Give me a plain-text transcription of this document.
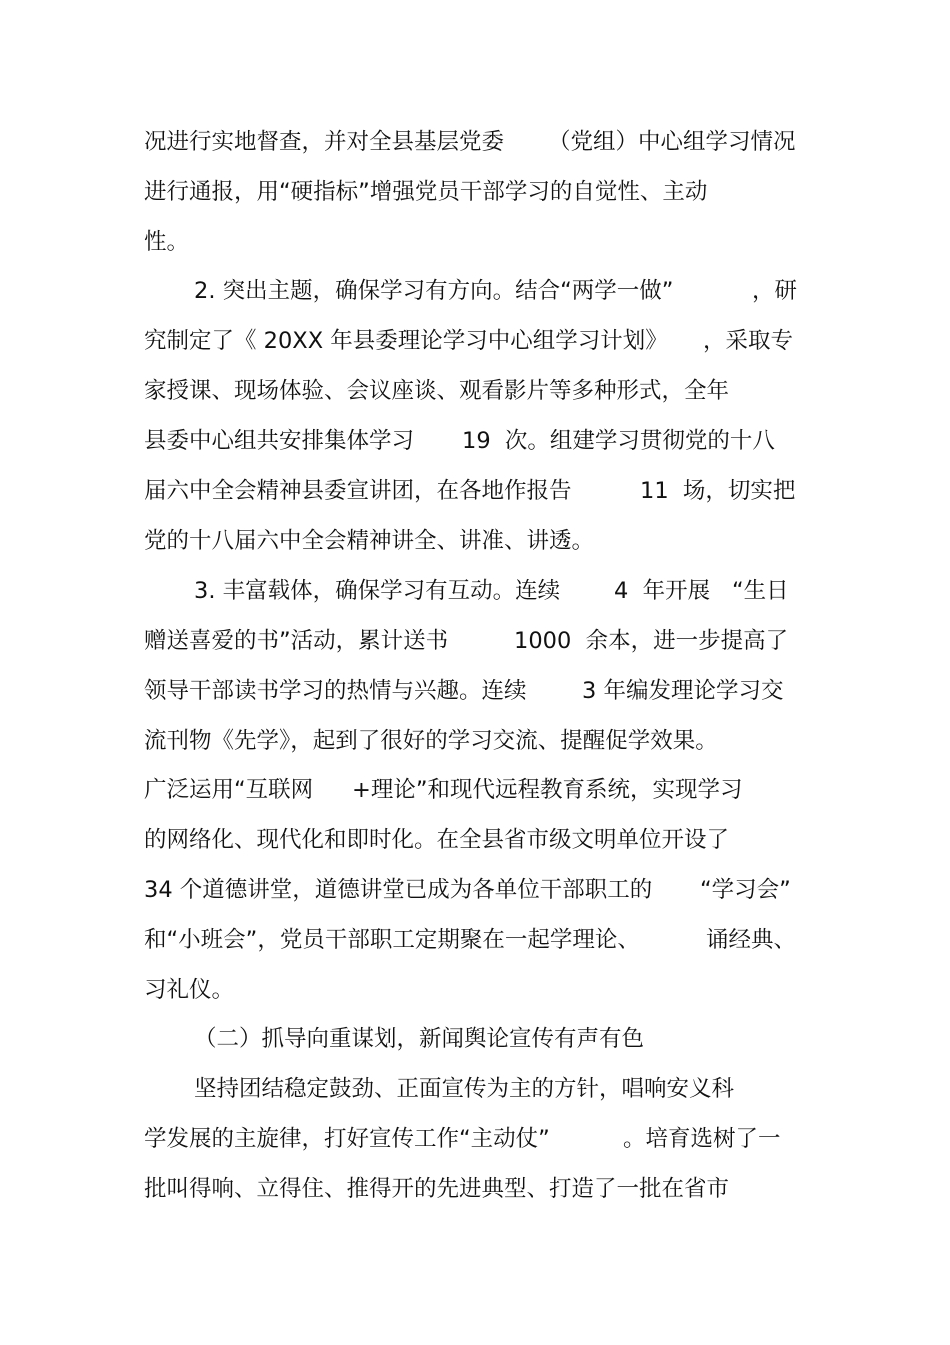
况进行实地督查，并对全县基层党委

（党组）中心组学习情况

进行通报，用“硬指标”增强党员干部学习的自觉性、主动

性。

2. 突出主题，确保学习有方向。结合“两学一做”

	，研

究制定了《 20XX 年县委理论学习中心组学习计划》

，采取专

家授课、现场体验、会议座谈、观看影片等多种形式，全年

县委中心组共安排集体学习

19  次。组建学习贯彻党的十八

届六中全会精神县委宣讲团，在各地作报告

	11  场，切实把

党的十八届六中全会精神讲全、讲准、讲透。

3. 丰富载体，确保学习有互动。连续

4  年开展

“生日

赠送喜爱的书”活动，累计送书

	1000  余本，进一步提高了

领导干部读书学习的热情与兴趣。连续

3 年编发理论学习交

流刊物《先学》，起到了很好的学习交流、提醒促学效果。

广泛运用“互联网

+理论”和现代远程教育系统，实现学习

的网络化、现代化和即时化。在全县省市级文明单位开设了

34 个道德讲堂，道德讲堂已成为各单位干部职工的

“学习会”

和“小班会”，党员干部职工定期聚在一起学理论、

	诵经典、

习礼仪。

（二）抓导向重谋划，新闻舆论宣传有声有色

坚持团结稳定鼓劲、正面宣传为主的方针，唱响安义科

学发展的主旋律，打好宣传工作“主动仗”

	。培育选树了一

批叫得响、立得住、推得开的先进典型、打造了一批在省市
